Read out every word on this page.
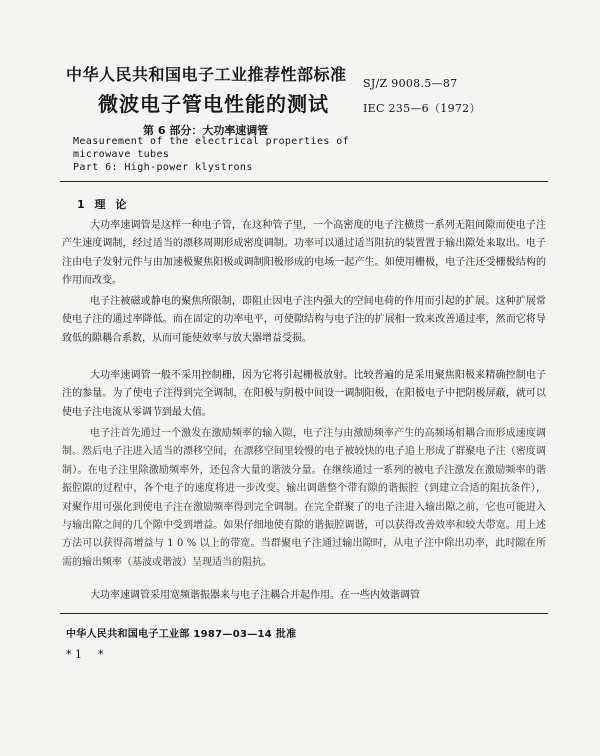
中华人民共和国电子工业推荐性部标准 SJ/Z 9008.5—87
IEC 235—6（1972）
微波电子管电性能的测试
第 6 部分：大功率速调管
Measurement of the electrical properties of
microwave tubes
Part 6: High-power klystrons
1 理 论

大功率速调管是这样一种电子管，在这种管子里，一个高密度的电子注横贯一系列无阻间隙而使电子注产生速度调制，经过适当的漂移周期形成密度调制。功率可以通过适当阻抗的装置置于输出隙处来取出。电子注由电子发射元件与由加速极聚焦阳极或调制阳极形成的电场一起产生。如使用栅极，电子注还受栅极结构的作用而改变。

电子注被磁或静电的聚焦所限制，即阻止因电子注内强大的空间电荷的作用而引起的扩展。这种扩展常使电子注的通过率降低。而在固定的功率电平，可使隙结构与电子注的扩展相一致来改善通过率，然而它将导致低的隙耦合系数，从而可能使效率与放大器增益受损。

大功率速调管一般不采用控制栅，因为它将引起栅极放射。比较普遍的是采用聚焦阳极来精确控制电子注的参量。为了使电子注得到完全调制，在阳极与阴极中间设一调制阳极，在阳极电子中把阴极屏蔽，就可以使电子注电流从零调节到最大值。

电子注首先通过一个激发在激励频率的输入隙，电子注与由激励频率产生的高频场相耦合而形成速度调制。然后电子注进入适当的漂移空间，在漂移空间里较慢的电子被较快的电子追上形成了群聚电子注（密度调制）。在电子注里除激励频率外，还包含大量的谐波分量。在继续通过一系列的被电子注激发在激励频率的谐振腔隙的过程中，各个电子的速度将进一步改变。输出调谐整个带有隙的谐振腔（到建立合适的阻抗条件），对聚作用可强化到使电子注在激励频率得到完全调制。在完全群聚了的电子注进入输出隙之前，它也可能进入与输出隙之间的几个隙中受到增益。如果仔细地使有隙的谐振腔调谐，可以获得改善效率和较大带宽。用上述方法可以获得高增益与 1 0 % 以上的带宽。当群聚电子注通过输出隙时，从电子注中除出功率，此时隙在所需的输出频率（基波或谐波）呈现适当的阻抗。

大功率速调管采用宽频谐振器来与电子注耦合并起作用。在一些内效谐调管

中华人民共和国电子工业部 1987—03—14 批准
* 1 *
